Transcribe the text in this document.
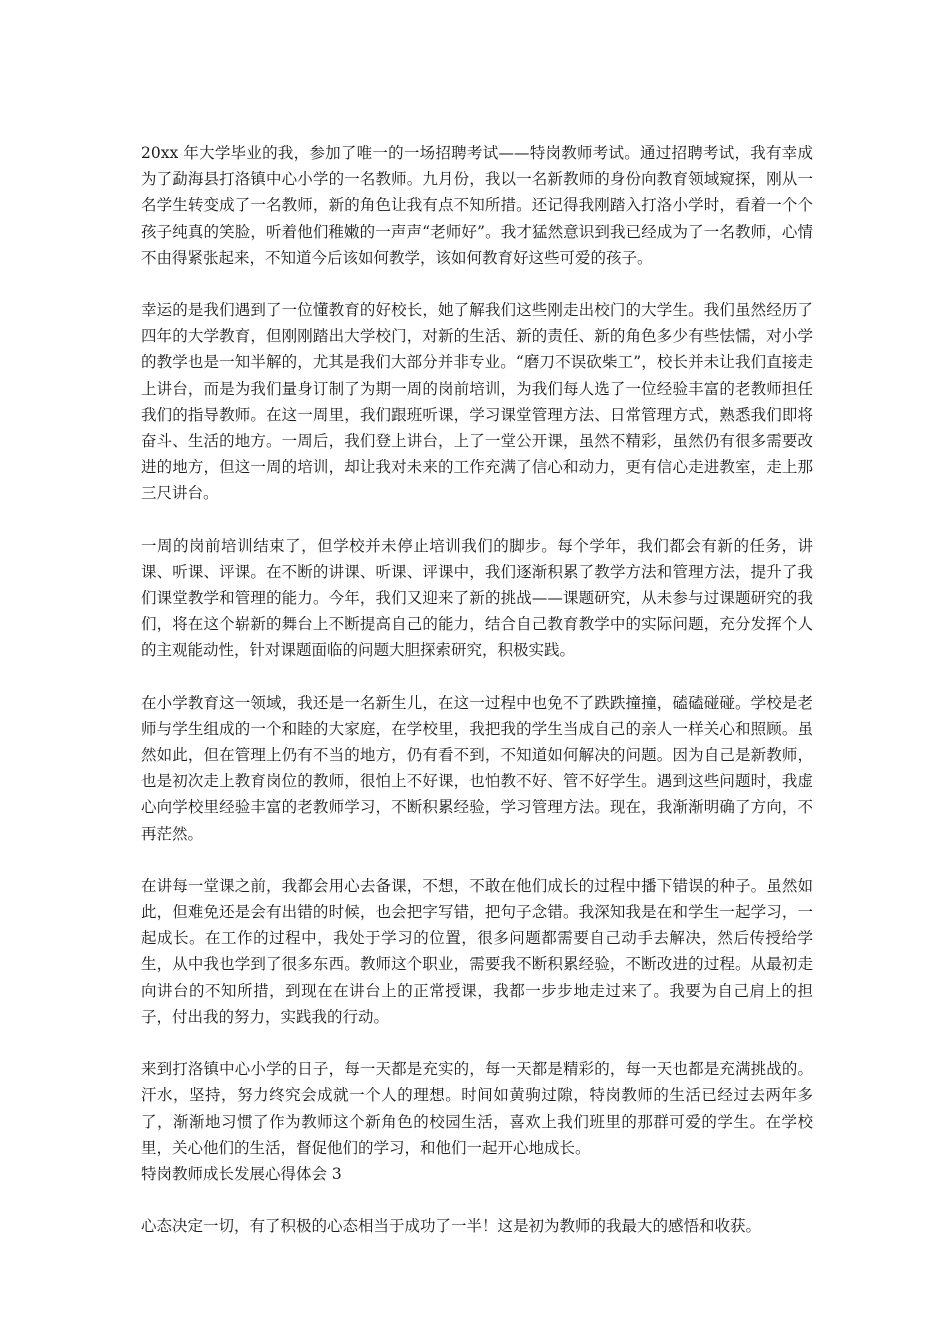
20xx 年大学毕业的我，参加了唯一的一场招聘考试——特岗教师考试。通过招聘考试，我有幸成为了勐海县打洛镇中心小学的一名教师。九月份，我以一名新教师的身份向教育领域窥探，刚从一名学生转变成了一名教师，新的角色让我有点不知所措。还记得我刚踏入打洛小学时，看着一个个孩子纯真的笑脸，听着他们稚嫩的一声声“老师好”。我才猛然意识到我已经成为了一名教师，心情不由得紧张起来，不知道今后该如何教学，该如何教育好这些可爱的孩子。

幸运的是我们遇到了一位懂教育的好校长，她了解我们这些刚走出校门的大学生。我们虽然经历了四年的大学教育，但刚刚踏出大学校门，对新的生活、新的责任、新的角色多少有些怯懦，对小学的教学也是一知半解的，尤其是我们大部分并非专业。“磨刀不误砍柴工”，校长并未让我们直接走上讲台，而是为我们量身订制了为期一周的岗前培训，为我们每人选了一位经验丰富的老教师担任我们的指导教师。在这一周里，我们跟班听课，学习课堂管理方法、日常管理方式，熟悉我们即将奋斗、生活的地方。一周后，我们登上讲台，上了一堂公开课，虽然不精彩，虽然仍有很多需要改进的地方，但这一周的培训，却让我对未来的工作充满了信心和动力，更有信心走进教室，走上那三尺讲台。

一周的岗前培训结束了，但学校并未停止培训我们的脚步。每个学年，我们都会有新的任务，讲课、听课、评课。在不断的讲课、听课、评课中，我们逐渐积累了教学方法和管理方法，提升了我们课堂教学和管理的能力。今年，我们又迎来了新的挑战——课题研究，从未参与过课题研究的我们，将在这个崭新的舞台上不断提高自己的能力，结合自己教育教学中的实际问题，充分发挥个人的主观能动性，针对课题面临的问题大胆探索研究，积极实践。

在小学教育这一领域，我还是一名新生儿，在这一过程中也免不了跌跌撞撞，磕磕碰碰。学校是老师与学生组成的一个和睦的大家庭，在学校里，我把我的学生当成自己的亲人一样关心和照顾。虽然如此，但在管理上仍有不当的地方，仍有看不到，不知道如何解决的问题。因为自己是新教师，也是初次走上教育岗位的教师，很怕上不好课，也怕教不好、管不好学生。遇到这些问题时，我虚心向学校里经验丰富的老教师学习，不断积累经验，学习管理方法。现在，我渐渐明确了方向，不再茫然。

在讲每一堂课之前，我都会用心去备课，不想，不敢在他们成长的过程中播下错误的种子。虽然如此，但难免还是会有出错的时候，也会把字写错，把句子念错。我深知我是在和学生一起学习，一起成长。在工作的过程中，我处于学习的位置，很多问题都需要自己动手去解决，然后传授给学生，从中我也学到了很多东西。教师这个职业，需要我不断积累经验，不断改进的过程。从最初走向讲台的不知所措，到现在在讲台上的正常授课，我都一步步地走过来了。我要为自己肩上的担子，付出我的努力，实践我的行动。

来到打洛镇中心小学的日子，每一天都是充实的，每一天都是精彩的，每一天也都是充满挑战的。汗水，坚持，努力终究会成就一个人的理想。时间如黄驹过隙，特岗教师的生活已经过去两年多了，渐渐地习惯了作为教师这个新角色的校园生活，喜欢上我们班里的那群可爱的学生。在学校里，关心他们的生活，督促他们的学习，和他们一起开心地成长。

特岗教师成长发展心得体会 3

心态决定一切，有了积极的心态相当于成功了一半！这是初为教师的我最大的感悟和收获。
